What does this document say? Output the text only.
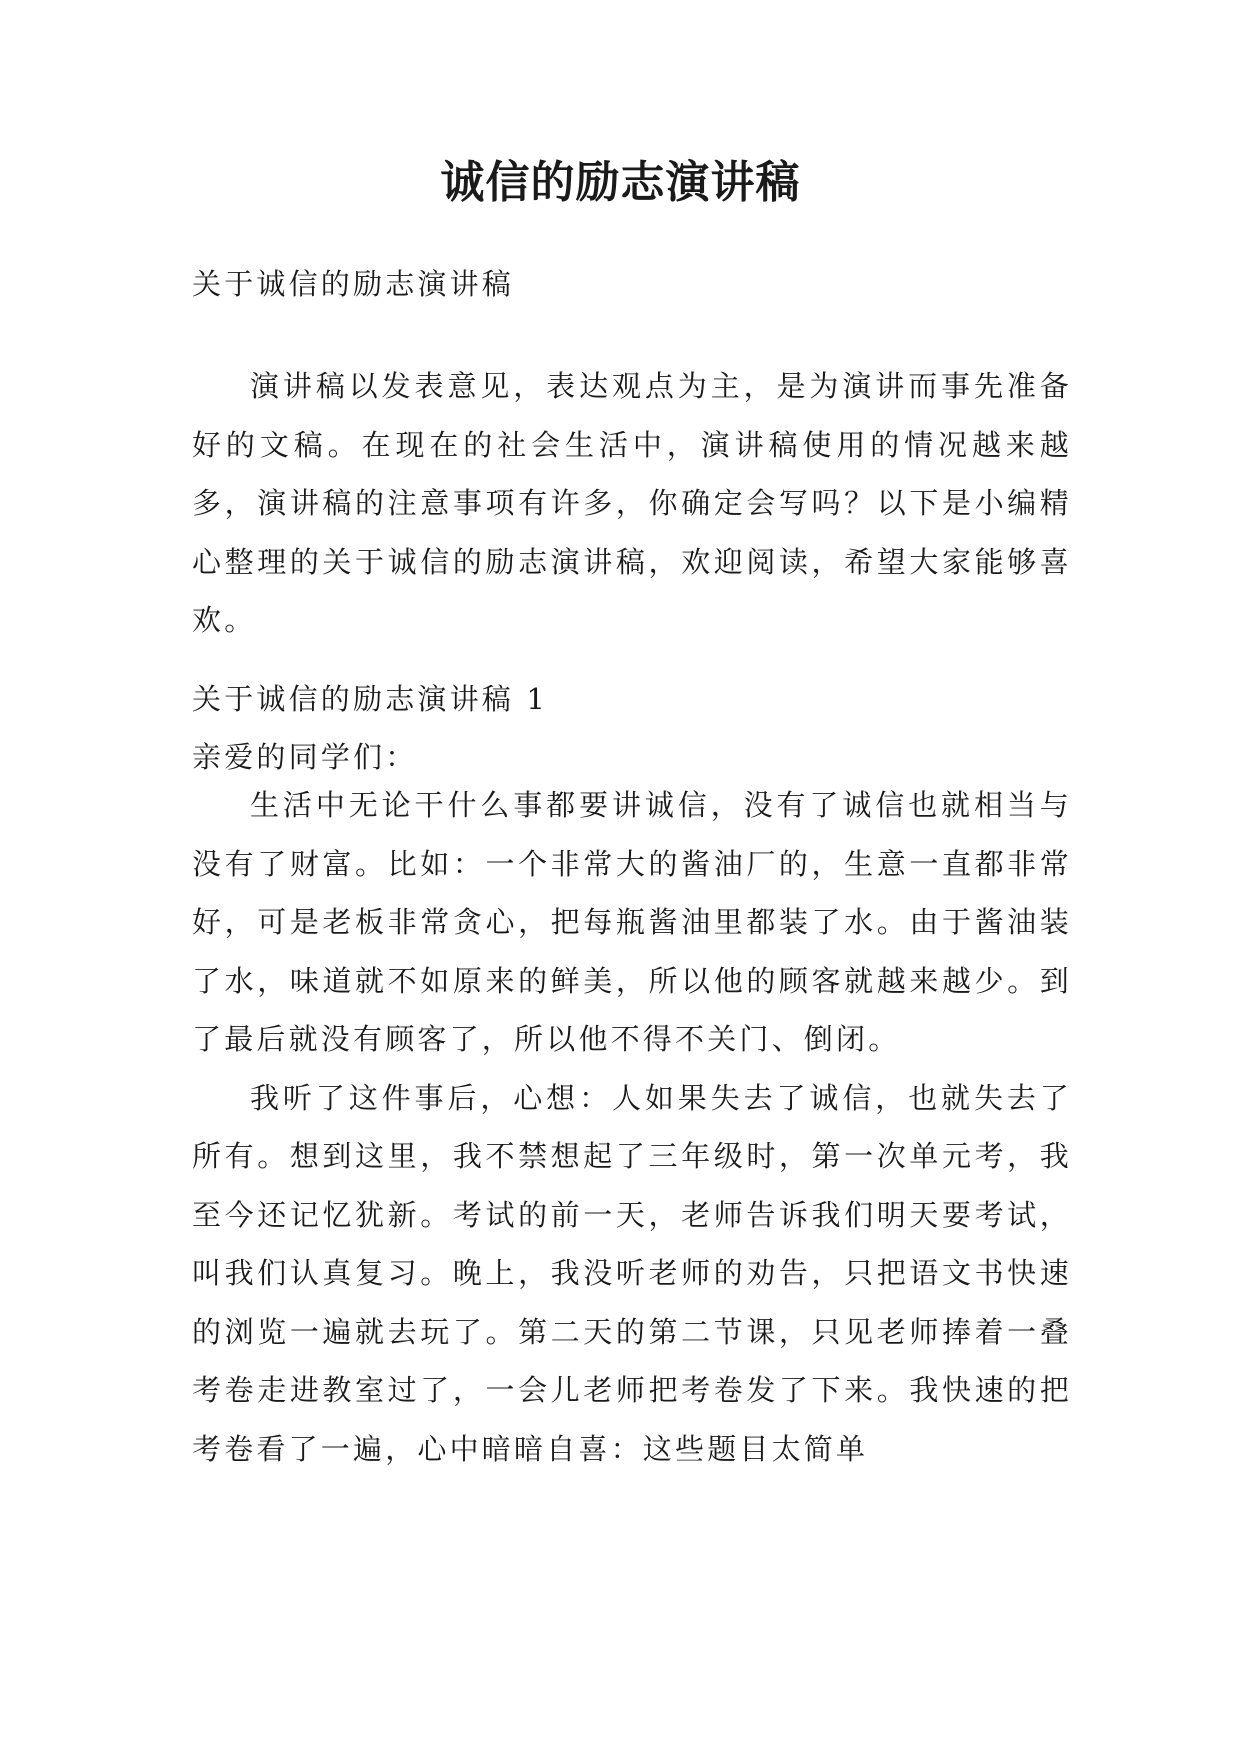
诚信的励志演讲稿

关于诚信的励志演讲稿

演讲稿以发表意见，表达观点为主，是为演讲而事先准备好的文稿。在现在的社会生活中，演讲稿使用的情况越来越多，演讲稿的注意事项有许多，你确定会写吗？以下是小编精心整理的关于诚信的励志演讲稿，欢迎阅读，希望大家能够喜欢。

关于诚信的励志演讲稿 1

亲爱的同学们：

生活中无论干什么事都要讲诚信，没有了诚信也就相当与没有了财富。比如：一个非常大的酱油厂的，生意一直都非常好，可是老板非常贪心，把每瓶酱油里都装了水。由于酱油装了水，味道就不如原来的鲜美，所以他的顾客就越来越少。到了最后就没有顾客了，所以他不得不关门、倒闭。

我听了这件事后，心想：人如果失去了诚信，也就失去了所有。想到这里，我不禁想起了三年级时，第一次单元考，我至今还记忆犹新。考试的前一天，老师告诉我们明天要考试，叫我们认真复习。晚上，我没听老师的劝告，只把语文书快速的浏览一遍就去玩了。第二天的第二节课，只见老师捧着一叠考卷走进教室过了，一会儿老师把考卷发了下来。我快速的把考卷看了一遍，心中暗暗自喜：这些题目太简单
